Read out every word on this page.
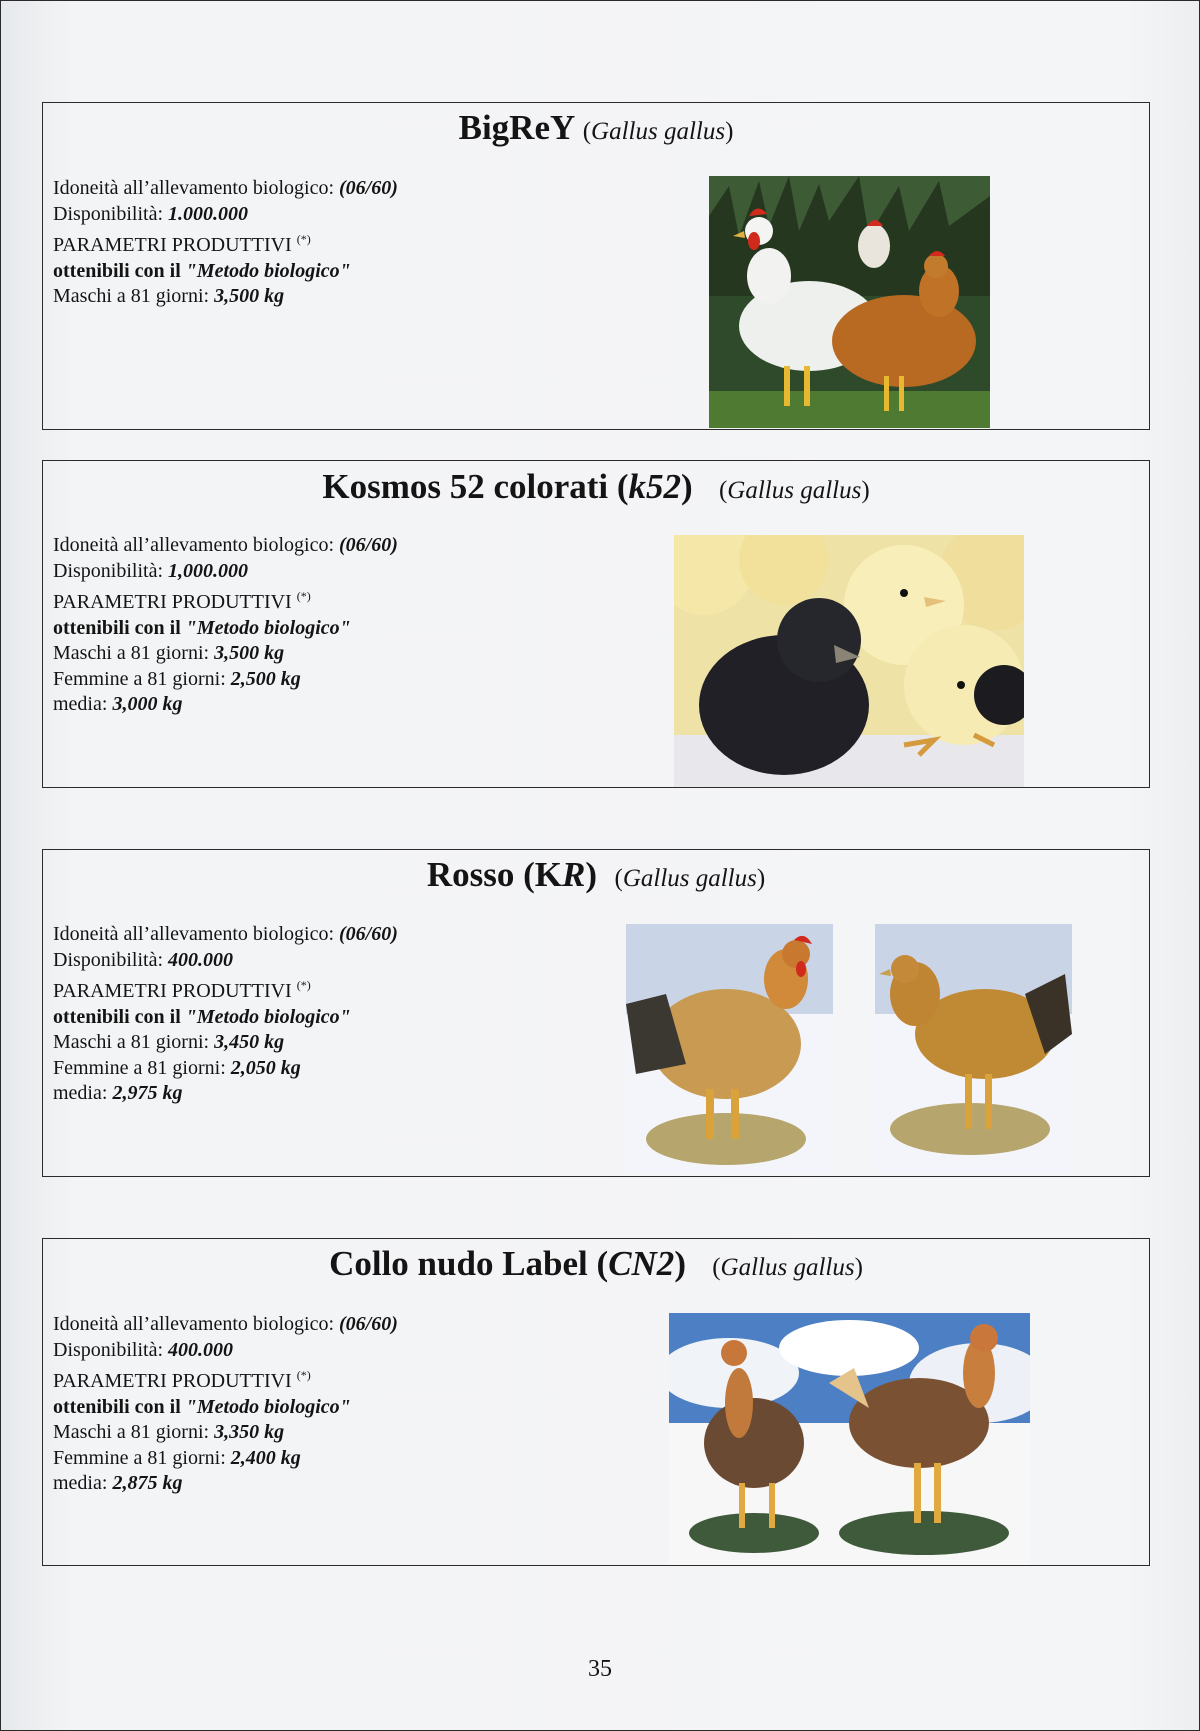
BigReY (Gallus gallus)
Idoneità all’allevamento biologico: (06/60)
Disponibilità: 1.000.000
PARAMETRI PRODUTTIVI (*)
ottenibili con il "Metodo biologico"
Maschi a 81 giorni: 3,500 kg
Kosmos 52 colorati (k52) (Gallus gallus)
Idoneità all’allevamento biologico: (06/60)
Disponibilità: 1,000.000
PARAMETRI PRODUTTIVI (*)
ottenibili con il "Metodo biologico"
Maschi a 81 giorni: 3,500 kg
Femmine a 81 giorni: 2,500 kg
media: 3,000 kg
Rosso (KR) (Gallus gallus)
Idoneità all’allevamento biologico: (06/60)
Disponibilità: 400.000
PARAMETRI PRODUTTIVI (*)
ottenibili con il "Metodo biologico"
Maschi a 81 giorni: 3,450 kg
Femmine a 81 giorni: 2,050 kg
media: 2,975 kg
Collo nudo Label (CN2) (Gallus gallus)
Idoneità all’allevamento biologico: (06/60)
Disponibilità: 400.000
PARAMETRI PRODUTTIVI (*)
ottenibili con il "Metodo biologico"
Maschi a 81 giorni: 3,350 kg
Femmine a 81 giorni: 2,400 kg
media: 2,875 kg
35
